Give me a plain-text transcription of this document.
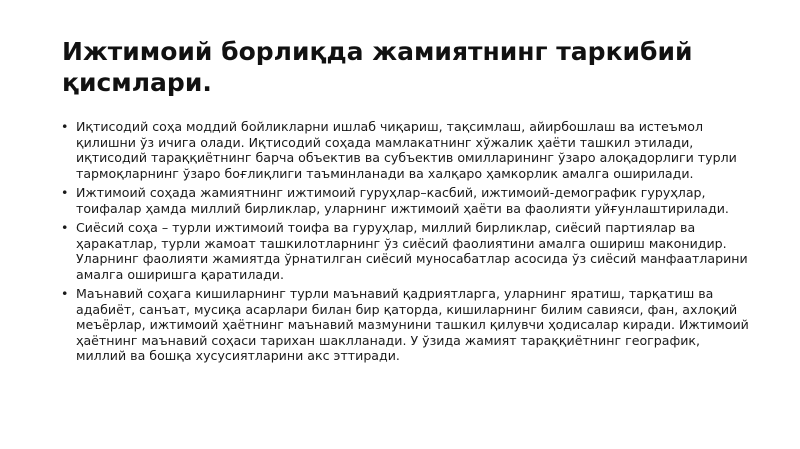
Ижтимоий борлиқда жамиятнинг таркибий қисмлари.
• Иқтисодий соҳа моддий бойликларни ишлаб чиқариш, тақсимлаш, айирбошлаш ва истеъмол қилишни ўз ичига олади. Иқтисодий соҳада мамлакатнинг хўжалик ҳаёти ташкил этилади, иқтисодий тараққиётнинг барча объектив ва субъектив омилларининг ўзаро алоқадорлиги турли тармоқларнинг ўзаро боғлиқлиги таъминланади ва халқаро ҳамкорлик амалга оширилади.
• Ижтимоий соҳада жамиятнинг ижтимоий гуруҳлар–касбий, ижтимоий-демографик гуруҳлар, тоифалар ҳамда миллий бирликлар, уларнинг ижтимоий ҳаёти ва фаолияти уйғунлаштирилади.
• Сиёсий соҳа – турли ижтимоий тоифа ва гуруҳлар, миллий бирликлар, сиёсий партиялар ва ҳаракатлар, турли жамоат ташкилотларнинг ўз сиёсий фаолиятини амалга ошириш маконидир. Уларнинг фаолияти жамиятда ўрнатилган сиёсий муносабатлар асосида ўз сиёсий манфаатларини амалга оширишга қаратилади.
• Маънавий соҳага кишиларнинг турли маънавий қадриятларга, уларнинг яратиш, тарқатиш ва адабиёт, санъат, мусиқа асарлари билан бир қаторда, кишиларнинг билим савияси, фан, ахлоқий меъёрлар, ижтимоий ҳаётнинг маънавий мазмунини ташкил қилувчи ҳодисалар киради. Ижтимоий ҳаётнинг маънавий соҳаси тарихан шаклланади. У ўзида жамият тараққиётнинг географик, миллий ва бошқа хусусиятларини акс эттиради.
